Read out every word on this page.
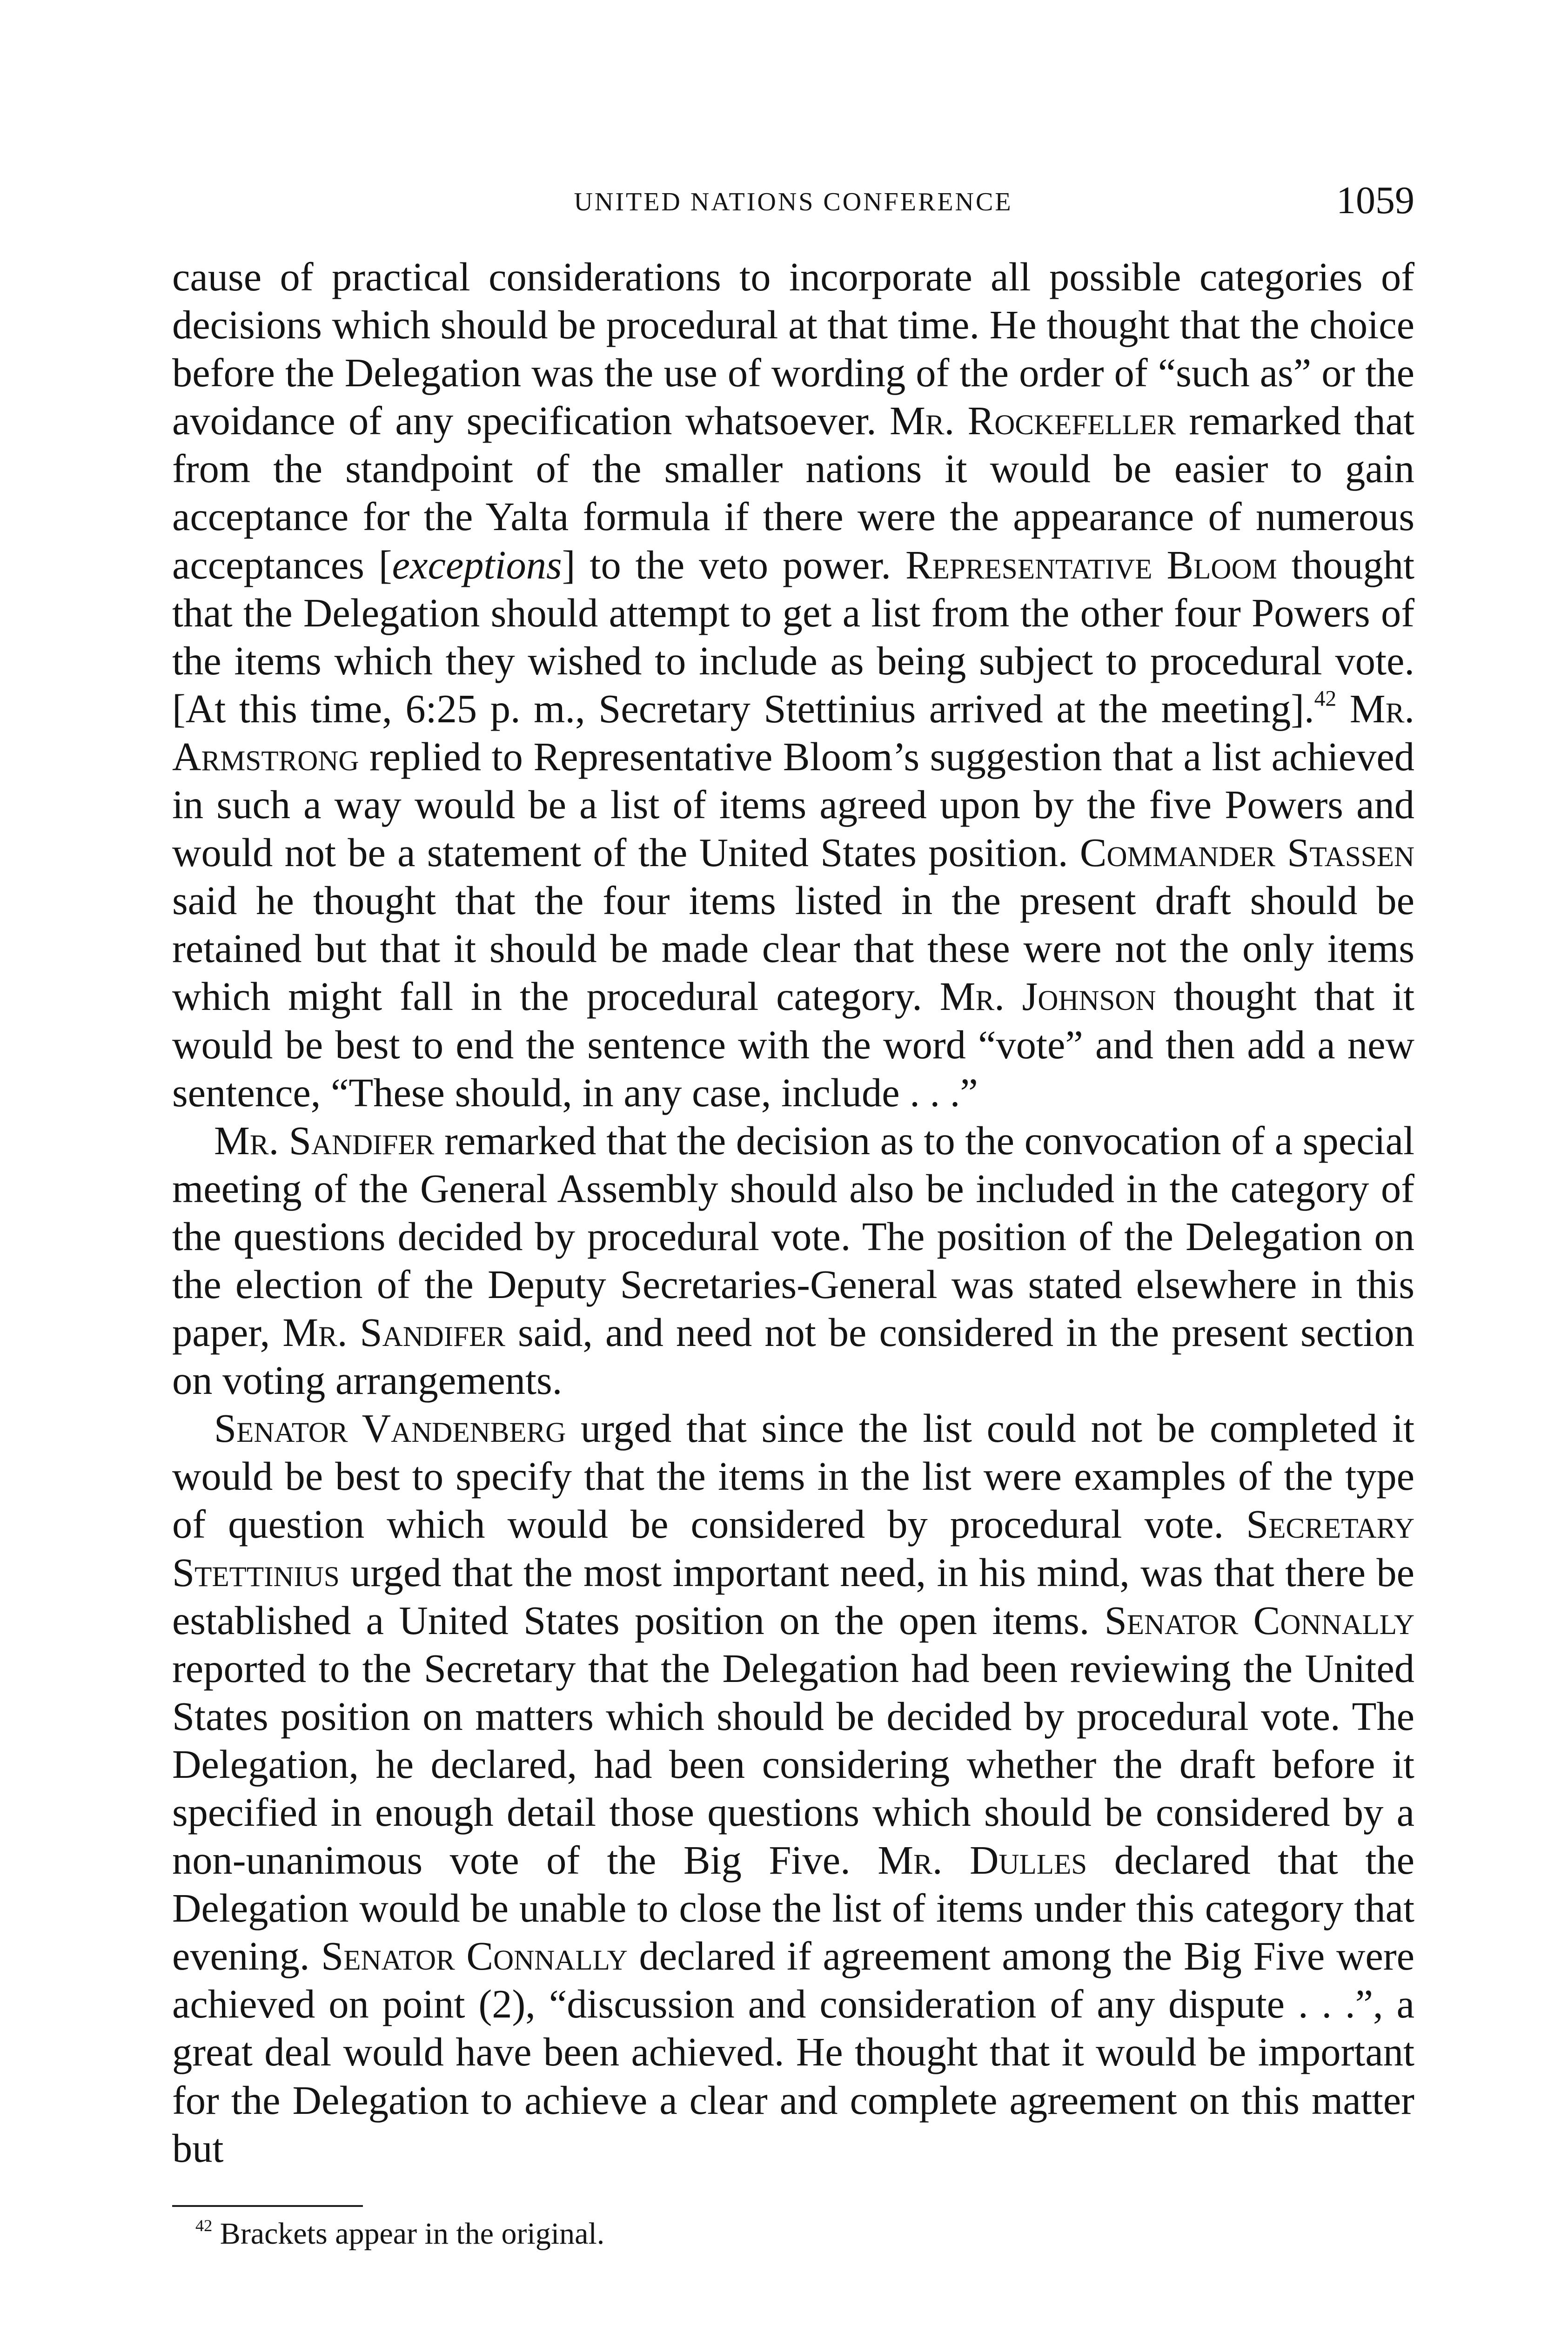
UNITED NATIONS CONFERENCE	1059

cause of practical considerations to incorporate all possible categories of decisions which should be procedural at that time. He thought that the choice before the Delegation was the use of wording of the order of “such as” or the avoidance of any specification whatsoever. Mr. Rockefeller remarked that from the standpoint of the smaller nations it would be easier to gain acceptance for the Yalta formula if there were the appearance of numerous acceptances [exceptions] to the veto power. Representative Bloom thought that the Delegation should attempt to get a list from the other four Powers of the items which they wished to include as being subject to procedural vote. [At this time, 6:25 p. m., Secretary Stettinius arrived at the meeting].$^{42}$ Mr. Armstrong replied to Representative Bloom’s suggestion that a list achieved in such a way would be a list of items agreed upon by the five Powers and would not be a statement of the United States position. Commander Stassen said he thought that the four items listed in the present draft should be retained but that it should be made clear that these were not the only items which might fall in the procedural category. Mr. Johnson thought that it would be best to end the sentence with the word “vote” and then add a new sentence, “These should, in any case, include . . .”

Mr. Sandifer remarked that the decision as to the convocation of a special meeting of the General Assembly should also be included in the category of the questions decided by procedural vote. The position of the Delegation on the election of the Deputy Secretaries-General was stated elsewhere in this paper, Mr. Sandifer said, and need not be considered in the present section on voting arrangements.

Senator Vandenberg urged that since the list could not be completed it would be best to specify that the items in the list were examples of the type of question which would be considered by procedural vote. Secretary Stettinius urged that the most important need, in his mind, was that there be established a United States position on the open items. Senator Connally reported to the Secretary that the Delegation had been reviewing the United States position on matters which should be decided by procedural vote. The Delegation, he declared, had been considering whether the draft before it specified in enough detail those questions which should be considered by a non-unanimous vote of the Big Five. Mr. Dulles declared that the Delegation would be unable to close the list of items under this category that evening. Senator Connally declared if agreement among the Big Five were achieved on point (2), “discussion and consideration of any dispute . . .”, a great deal would have been achieved. He thought that it would be important for the Delegation to achieve a clear and complete agreement on this matter but

$^{42}$ Brackets appear in the original.
